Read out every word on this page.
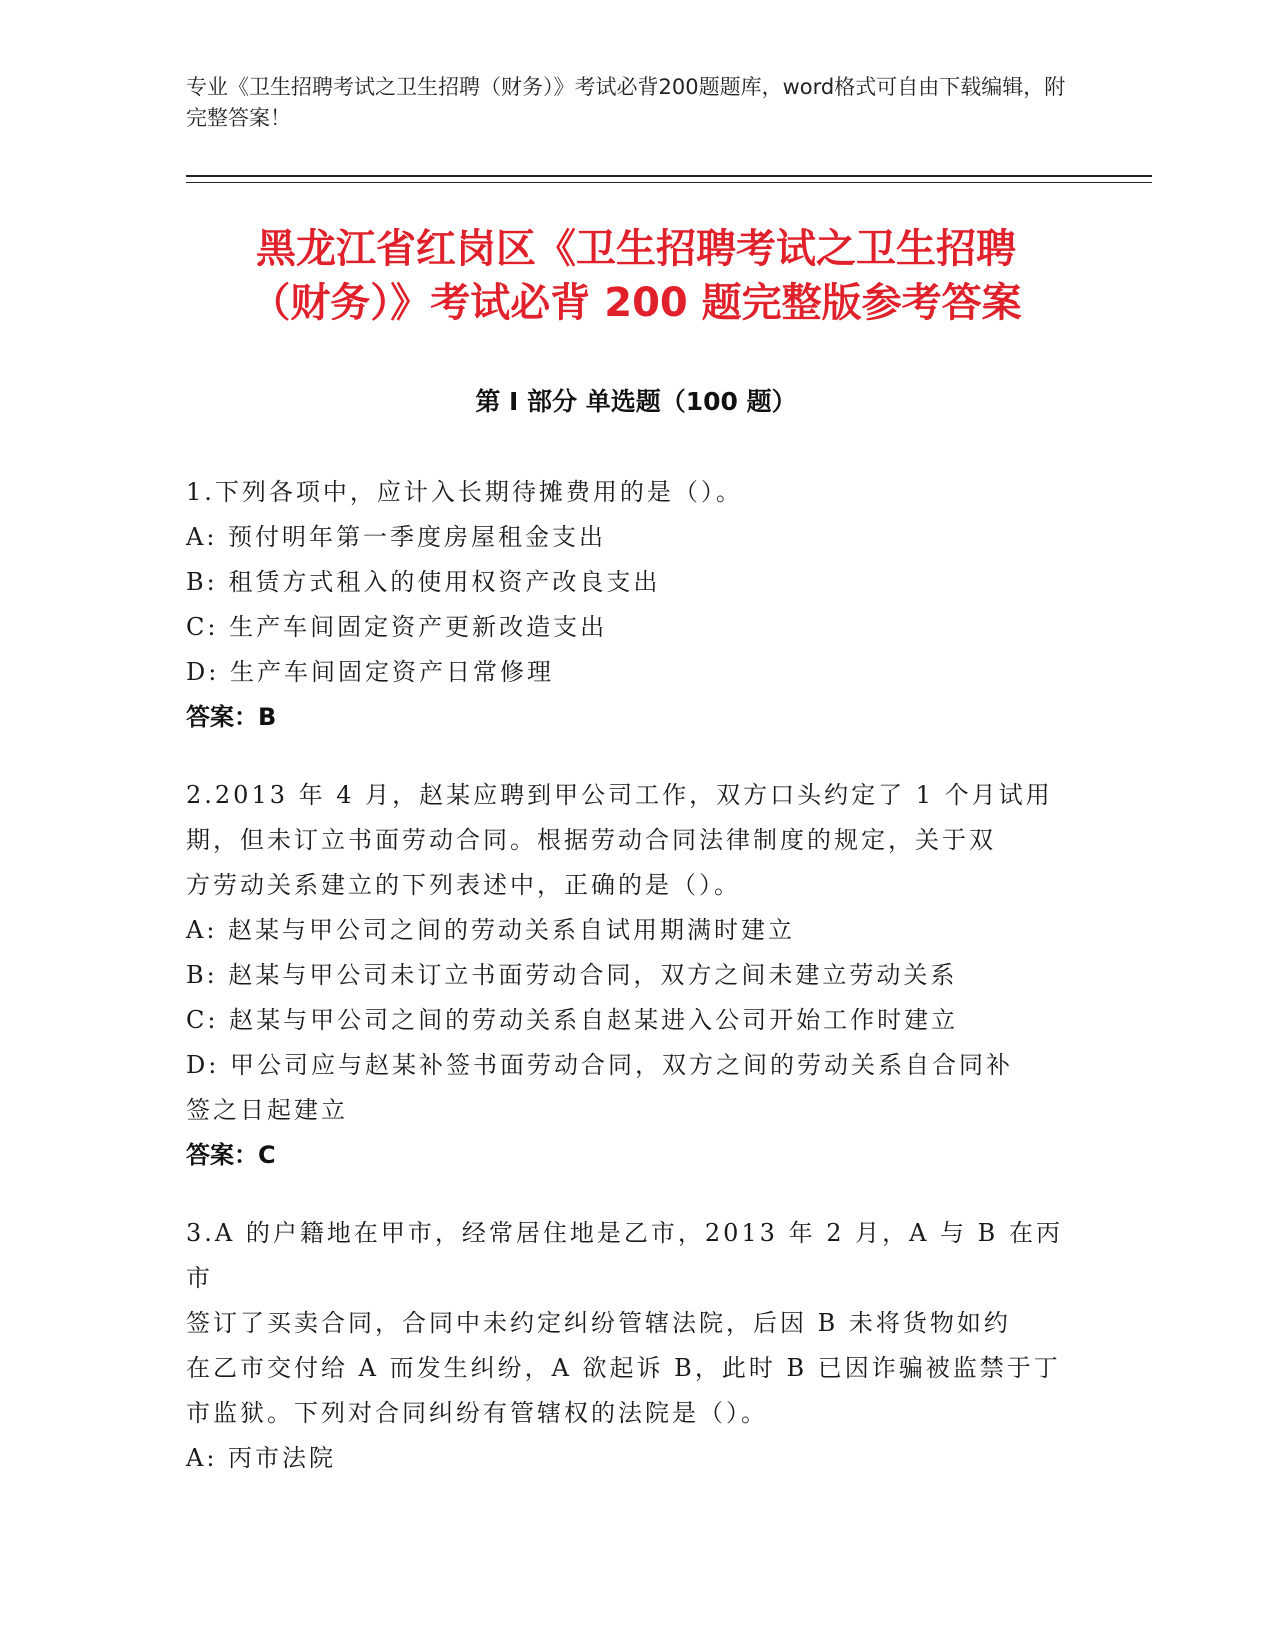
专业《卫生招聘考试之卫生招聘（财务）》考试必背200题题库，word格式可自由下载编辑，附完整答案！
黑龙江省红岗区《卫生招聘考试之卫生招聘
（财务）》考试必背 200 题完整版参考答案
第 I 部分 单选题（100 题）
1.下列各项中，应计入长期待摊费用的是（）。
A: 预付明年第一季度房屋租金支出
B: 租赁方式租入的使用权资产改良支出
C: 生产车间固定资产更新改造支出
D: 生产车间固定资产日常修理
答案：B
2.2013 年 4 月，赵某应聘到甲公司工作，双方口头约定了 1 个月试用
期，但未订立书面劳动合同。根据劳动合同法律制度的规定，关于双
方劳动关系建立的下列表述中，正确的是（）。
A: 赵某与甲公司之间的劳动关系自试用期满时建立
B: 赵某与甲公司未订立书面劳动合同，双方之间未建立劳动关系
C: 赵某与甲公司之间的劳动关系自赵某进入公司开始工作时建立
D: 甲公司应与赵某补签书面劳动合同，双方之间的劳动关系自合同补
签之日起建立
答案：C
3.A 的户籍地在甲市，经常居住地是乙市，2013 年 2 月，A 与 B 在丙市
签订了买卖合同，合同中未约定纠纷管辖法院，后因 B 未将货物如约
在乙市交付给 A 而发生纠纷，A 欲起诉 B，此时 B 已因诈骗被监禁于丁
市监狱。下列对合同纠纷有管辖权的法院是（）。
A: 丙市法院
